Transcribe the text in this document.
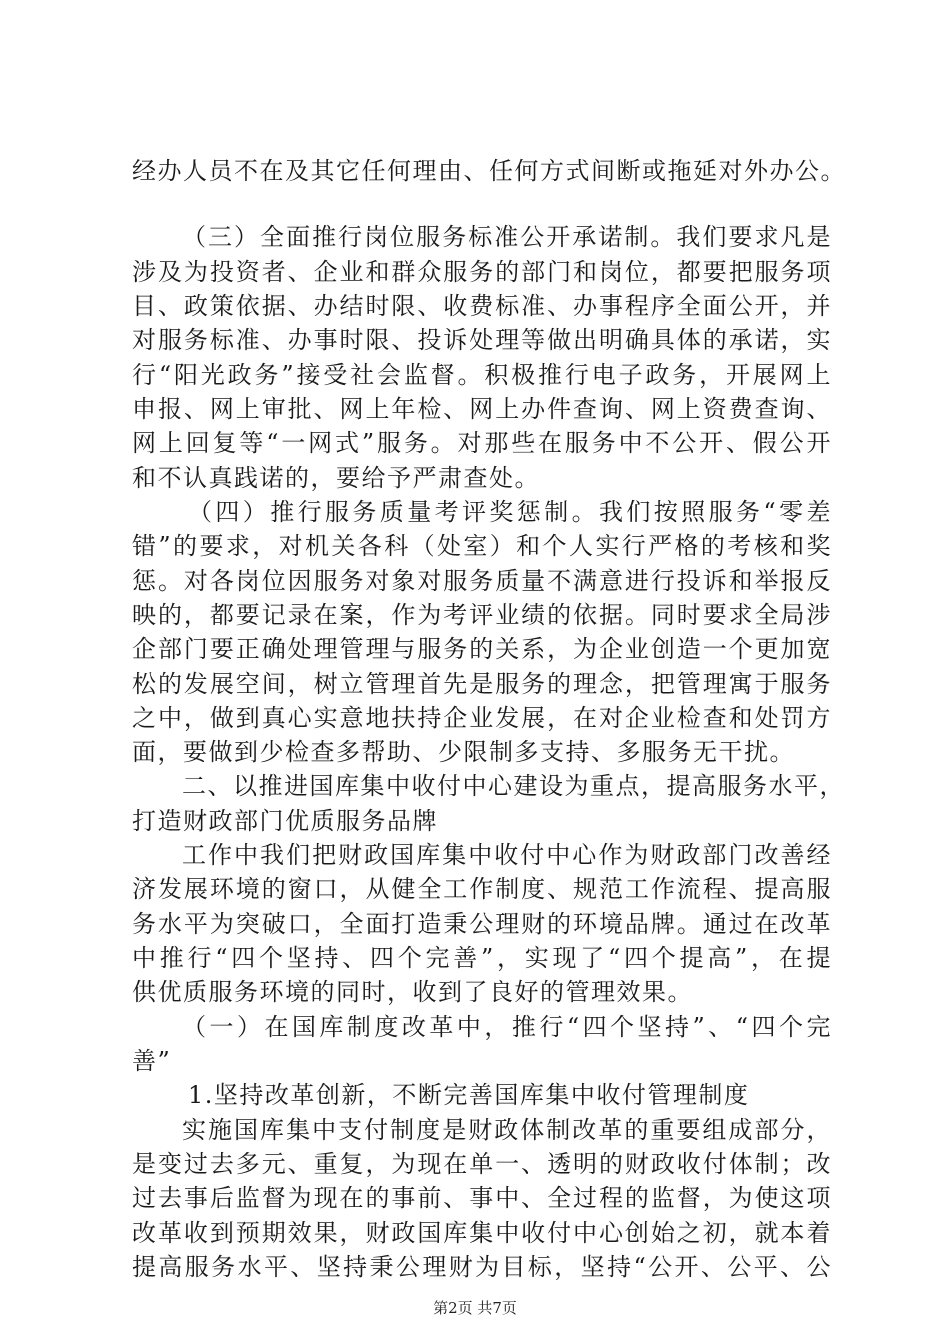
经办人员不在及其它任何理由、任何方式间断或拖延对外办公。
（三）全面推行岗位服务标准公开承诺制。我们要求凡是
涉及为投资者、企业和群众服务的部门和岗位，都要把服务项
目、政策依据、办结时限、收费标准、办事程序全面公开，并
对服务标准、办事时限、投诉处理等做出明确具体的承诺，实
行“阳光政务”接受社会监督。积极推行电子政务，开展网上
申报、网上审批、网上年检、网上办件查询、网上资费查询、
网上回复等“一网式”服务。对那些在服务中不公开、假公开
和不认真践诺的，要给予严肃查处。
（四）推行服务质量考评奖惩制。我们按照服务“零差
错”的要求，对机关各科（处室）和个人实行严格的考核和奖
惩。对各岗位因服务对象对服务质量不满意进行投诉和举报反
映的，都要记录在案，作为考评业绩的依据。同时要求全局涉
企部门要正确处理管理与服务的关系，为企业创造一个更加宽
松的发展空间，树立管理首先是服务的理念，把管理寓于服务
之中，做到真心实意地扶持企业发展，在对企业检查和处罚方
面，要做到少检查多帮助、少限制多支持、多服务无干扰。
二、以推进国库集中收付中心建设为重点，提高服务水平，
打造财政部门优质服务品牌
工作中我们把财政国库集中收付中心作为财政部门改善经
济发展环境的窗口，从健全工作制度、规范工作流程、提高服
务水平为突破口，全面打造秉公理财的环境品牌。通过在改革
中推行“四个坚持、四个完善”，实现了“四个提高”，在提
供优质服务环境的同时，收到了良好的管理效果。
（一）在国库制度改革中，推行“四个坚持”、“四个完
善”
1.坚持改革创新，不断完善国库集中收付管理制度
实施国库集中支付制度是财政体制改革的重要组成部分，
是变过去多元、重复，为现在单一、透明的财政收付体制；改
过去事后监督为现在的事前、事中、全过程的监督，为使这项
改革收到预期效果，财政国库集中收付中心创始之初，就本着
提高服务水平、坚持秉公理财为目标，坚持“公开、公平、公
第2页 共7页
